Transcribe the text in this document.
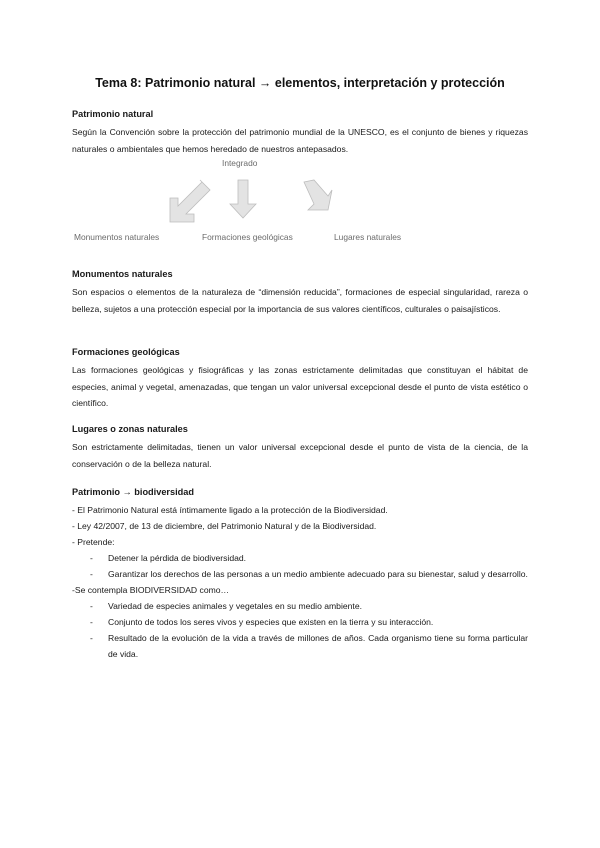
Tema 8: Patrimonio natural → elementos, interpretación y protección
Patrimonio natural

Según la Convención sobre la protección del patrimonio mundial de la UNESCO, es el conjunto de bienes y riquezas naturales o ambientales que hemos heredado de nuestros antepasados.

Integrado
Monumentos naturales	Formaciones geológicas	Lugares naturales
Monumentos naturales

Son espacios o elementos de la naturaleza de “dimensión reducida”, formaciones de especial singularidad, rareza o belleza, sujetos a una protección especial por la importancia de sus valores científicos, culturales o paisajísticos.

Formaciones geológicas

Las formaciones geológicas y fisiográficas y las zonas estrictamente delimitadas que constituyan el hábitat de especies, animal y vegetal, amenazadas, que tengan un valor universal excepcional desde el punto de vista estético o científico.

Lugares o zonas naturales

Son estrictamente delimitadas, tienen un valor universal excepcional desde el punto de vista de la ciencia, de la conservación o de la belleza natural.

Patrimonio → biodiversidad

- El Patrimonio Natural está íntimamente ligado a la protección de la Biodiversidad.

- Ley 42/2007, de 13 de diciembre, del Patrimonio Natural y de la Biodiversidad.

- Pretende:

- Detener la pérdida de biodiversidad.
- Garantizar los derechos de las personas a un medio ambiente adecuado para su bienestar, salud y desarrollo.

-Se contempla BIODIVERSIDAD como…

- Variedad de especies animales y vegetales en su medio ambiente.
- Conjunto de todos los seres vivos y especies que existen en la tierra y su interacción.
- Resultado de la evolución de la vida a través de millones de años. Cada organismo tiene su forma particular de vida.
